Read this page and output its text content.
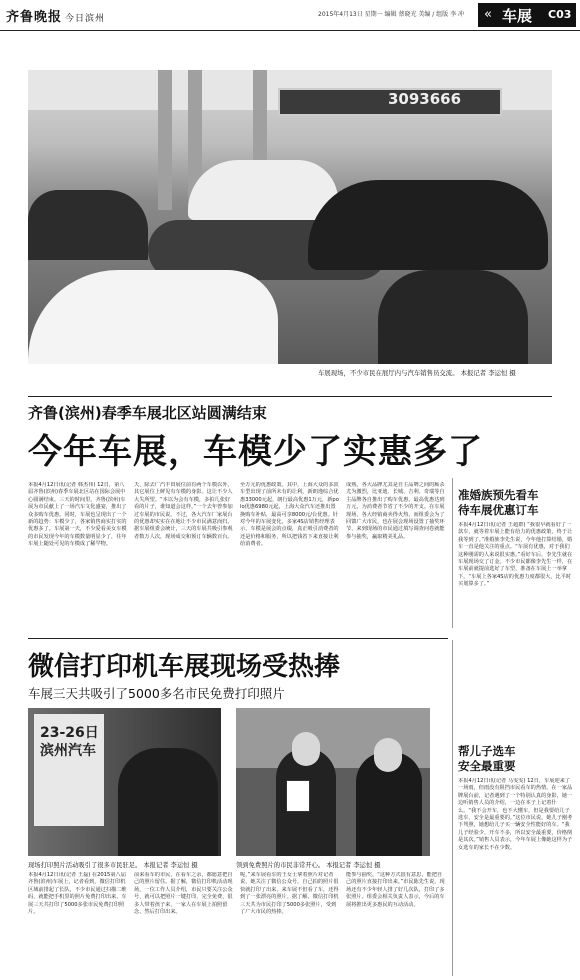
齐鲁晚报 今日滨州	2015年4月13日 星期一 编辑 蔡晓光 美编 / 组版 李 冲 « 车展 C03
3093666
车展现场，不少市民在展厅内与汽车销售员交流。 本报记者 李运恒 摄
齐鲁(滨州)春季车展北区站圆满结束
今年车展，车模少了实惠多了
本报4月12日讯(记者 韩杰伟) 12日，第八届齐鲁(滨州)春季车展北区站在国际会展中心圆满结束。三天的时间里，齐鲁(滨州)车展为市民献上了一场汽车文化盛宴，推出了众多购车优惠。同时，车展也呈现出了一个新的趋势：车模少了，各家销售商实打实的优惠多了。车展第一天，不少爱看美女车模的市民发现今年的车模数量明显少了，往年车展上随处可见的车模成了稀罕物。
天，除去广汽丰田展位前有两个车模以外，其它展位上鲜见有车模的身影。这让不少人大失所望。“本以为会有车模，多拍几张好看的片子，谁知道会这样。”一个去年曾参加过车展的市民说。不过，各大汽车厂家展台的优惠却实实在在地让不少市民满意而归。据车展组委会统计，三天的车展共吸引参观者数万人次，现场成交和预订车辆数百台。
至万元的优惠政策。其中，上海大众的多款车型出现了前所未有的让利，新朗逸综合优惠33000元起，朗行最高优惠1万元，新polo优惠6980元起，上海大众汽车还推出置换购车补贴，最高可享8000元/台优惠。针对今年的车展变化，多家4S店销售经理表示，车模是展会的点缀，真正吸引消费者的还是价格和服务，所以把钱省下来直接让利给消费者。
成熟，各大品牌尤其是自主品牌之间的厮杀尤为激烈，比亚迪、长城、吉利、奇瑞等自主品牌各自推出了购车优惠，最高优惠达到万元，为消费者节省了不少的开支。在车展现场，各大经销商卖得火热，而组委会为了回馈广大市民，也在展会现场设置了抽奖环节，来到现场的市民通过填写调查问卷就能参与抽奖，赢取精美礼品。
准婚族预先看车
待车展优惠订车
本报4月12日讯(记者 王超群) “我很早就看好了一款车，就等着车展上能有给力的优惠政策，终于让我等到了。”准婚族李先生说，今年他打算结婚，婚车一直是他关注的重点。“车展有优惠，对于我们这种刚需的人来说很实惠。”看好车后，李先生就在车展现场交了订金。不少市民都像李先生一样，在车展前就提前选好了车型，准备在车展上一举拿下。“车展上各家4S店的优惠力度都很大，比平时买划算多了。”
微信打印机车展现场受热捧
车展三天共吸引了5000多名市民免费打印照片
23-26日
滨州汽车
现场打印照片活动吸引了很多市民驻足。 本报记者 李运恒 摄	领到免费照片的市民非常开心。 本报记者 李运恒 摄
本报4月12日讯(记者 王磊) 在2015第八届齐鲁(滨州)车展上，记者看到，微信打印机区域前排起了长队，不少市民通过扫描二维码，就能把手机里的照片免费打印出来，车展三天共打印了5000多张市民免费打印照片。
前来看车的市民，在看车之余，都愿意把自己的照片留住。据了解，微信打印机活动现场，一位工作人员介绍，市民只要关注公众号，就可以把照片一键打印，完全免费，很多人带着孩子来，一家人在车展上拍照留念，然后打印出来。
呢，”来车展看车的王女士拿着照片对记者说，她关注了微信公众号，自己拍的照片很快就打印了出来，来车展不但看了车，还得到了一张漂亮的照片。据了解，微信打印机三天共为市民打印了5000多张照片，受到了广大市民的热捧。
能参与抽奖。“这种方式很有意思，能把自己的照片直接打印出来。”市民陈先生说，现场还有不少年轻人排了好几次队，打印了多张照片。组委会相关负责人表示，今后的车展将推出更多惠民的互动活动。
帮儿子选车
安全最重要
本报4月12日讯(记者 马雯雯) 12日，车展迎来了一场雨，但雨没有阻挡市民看车的热情。在一家品牌展台前，记者遇到了一个特别认真的身影，她一边听销售人员的介绍，一边在本子上记着什么。“我不会开车，也不大懂车，但是我要给儿子选车，安全是最重要的。”这位市民说，她儿子刚考下驾照，她想给儿子买一辆安全性能好的车。“我儿子经验少，开车不多，所以安全最重要，价格倒是其次。”销售人员表示，今年车展上像她这样为子女选车的家长不在少数。
